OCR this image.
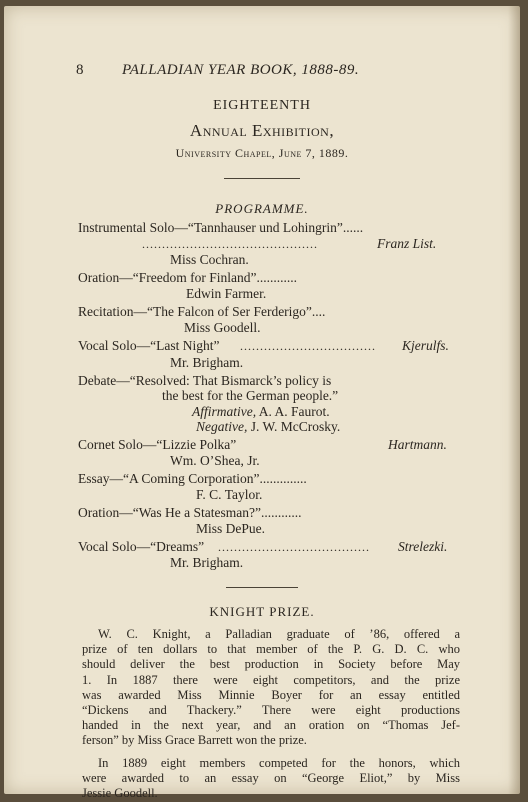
8	PALLADIAN YEAR BOOK, 1888-89.
EIGHTEENTH
Annual Exhibition,
University Chapel, June 7, 1889.
PROGRAMME.
Instrumental Solo—“Tannhauser und Lohingrin”......
............................................	Franz List.
Miss Cochran.
Oration—“Freedom for Finland”............
Edwin Farmer.
Recitation—“The Falcon of Ser Ferderigo”....
Miss Goodell.
Vocal Solo—“Last Night” ..................................	Kjerulfs.
Mr. Brigham.
Debate—“Resolved: That Bismarck’s policy is
the best for the German people.”
Affirmative, A. A. Faurot.
Negative, J. W. McCrosky.
Cornet Solo—“Lizzie Polka”	Hartmann.
Wm. O’Shea, Jr.
Essay—“A Coming Corporation”..............
F. C. Taylor.
Oration—“Was He a Statesman?”............
Miss DePue.
Vocal Solo—“Dreams” ......................................	Strelezki.
Mr. Brigham.
KNIGHT PRIZE.
W. C. Knight, a Palladian graduate of ’86, offered a
prize of ten dollars to that member of the P. G. D. C. who
should deliver the best production in Society before May
1. In 1887 there were eight competitors, and the prize
was awarded Miss Minnie Boyer for an essay entitled
“Dickens and Thackery.” There were eight productions
handed in the next year, and an oration on “Thomas Jef-
ferson” by Miss Grace Barrett won the prize.
In 1889 eight members competed for the honors, which
were awarded to an essay on “George Eliot,” by Miss
Jessie Goodell.
